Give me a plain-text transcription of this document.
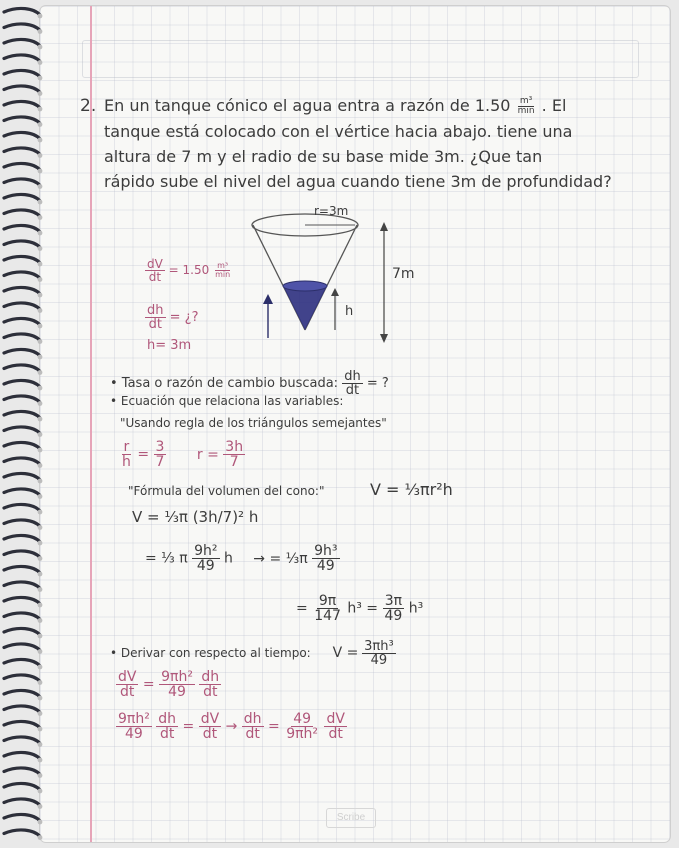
2. En un tanque cónico el agua entra a razón de $1.50 \frac{\text{m³}}{\min}$ . El
tanque está colocado con el vértice hacia abajo. tiene una
altura de 7 m y el radio de su base mide 3m. ¿Que tan
rápido sube el nivel del agua cuando tiene 3m de profundidad?
r=3m
7m
h
$\frac{dV}{dt} = 1.50 \frac{\text{m³}}{\min}$
$\frac{dh}{dt}$ = ¿?
h= 3m
• Tasa o razón de cambio buscada: $\frac{dh}{dt}$ = ?
• Ecuación que relaciona las variables:
"Usando regla de los triángulos semejantes"
$\frac{r}{h} = \frac{3}{7}$ $r = \frac{3h}{7}$
"Fórmula del volumen del cono:"	V = ⅓πr²h
V = ⅓π (3h/7)² h
= ⅓ π $\frac{\text{9h²}}{49}$ h → = ⅓π $\frac{\text{9h³}}{49}$
= $\frac{9\pi}{147} h^3 = \frac{3\pi}{49} h^3$
• Derivar con respecto al tiempo: $V = \frac{\text{3πh³}}{49}$
$\frac{dV}{dt} = \frac{\text{9πh²}}{49}$
$\frac{dh}{dt}$
$\frac{\text{9πh²}}{49}$
$\frac{dh}{dt} = \frac{dV}{dt} \to \frac{dh}{dt} = \frac{49}{\text{9πh²}}$
$\frac{dV}{dt}$
Scribe
